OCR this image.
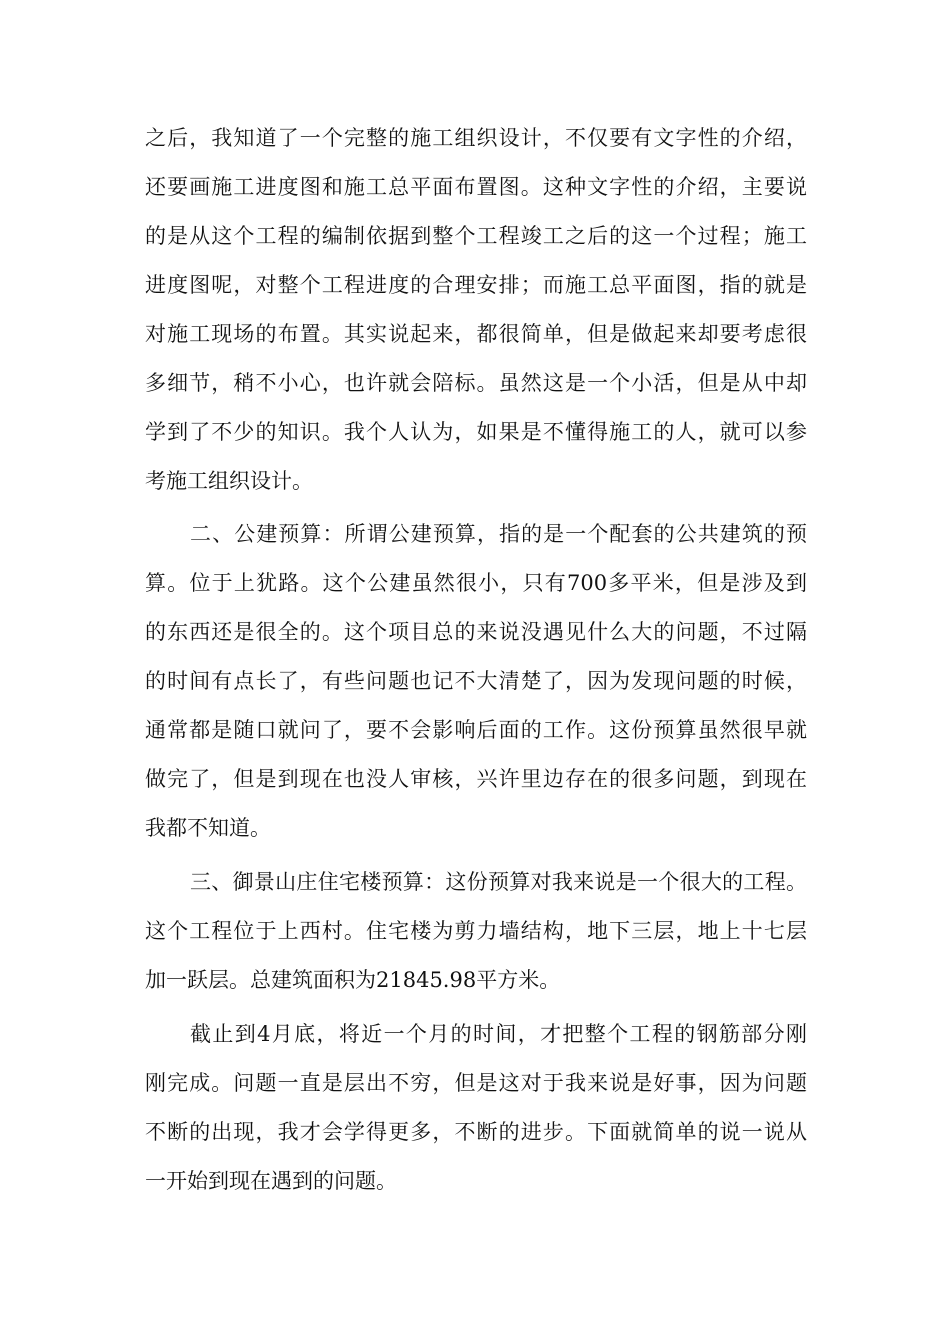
之后，我知道了一个完整的施工组织设计，不仅要有文字性的介绍，
还要画施工进度图和施工总平面布置图。这种文字性的介绍，主要说
的是从这个工程的编制依据到整个工程竣工之后的这一个过程；施工
进度图呢，对整个工程进度的合理安排；而施工总平面图，指的就是
对施工现场的布置。其实说起来，都很简单，但是做起来却要考虑很
多细节，稍不小心，也许就会陪标。虽然这是一个小活，但是从中却
学到了不少的知识。我个人认为，如果是不懂得施工的人，就可以参
考施工组织设计。
二、公建预算：所谓公建预算，指的是一个配套的公共建筑的预
算。位于上犹路。这个公建虽然很小，只有700多平米，但是涉及到
的东西还是很全的。这个项目总的来说没遇见什么大的问题，不过隔
的时间有点长了，有些问题也记不大清楚了，因为发现问题的时候，
通常都是随口就问了，要不会影响后面的工作。这份预算虽然很早就
做完了，但是到现在也没人审核，兴许里边存在的很多问题，到现在
我都不知道。
三、御景山庄住宅楼预算：这份预算对我来说是一个很大的工程。
这个工程位于上西村。住宅楼为剪力墙结构，地下三层，地上十七层
加一跃层。总建筑面积为21845.98平方米。
截止到4月底，将近一个月的时间，才把整个工程的钢筋部分刚
刚完成。问题一直是层出不穷，但是这对于我来说是好事，因为问题
不断的出现，我才会学得更多，不断的进步。下面就简单的说一说从
一开始到现在遇到的问题。
